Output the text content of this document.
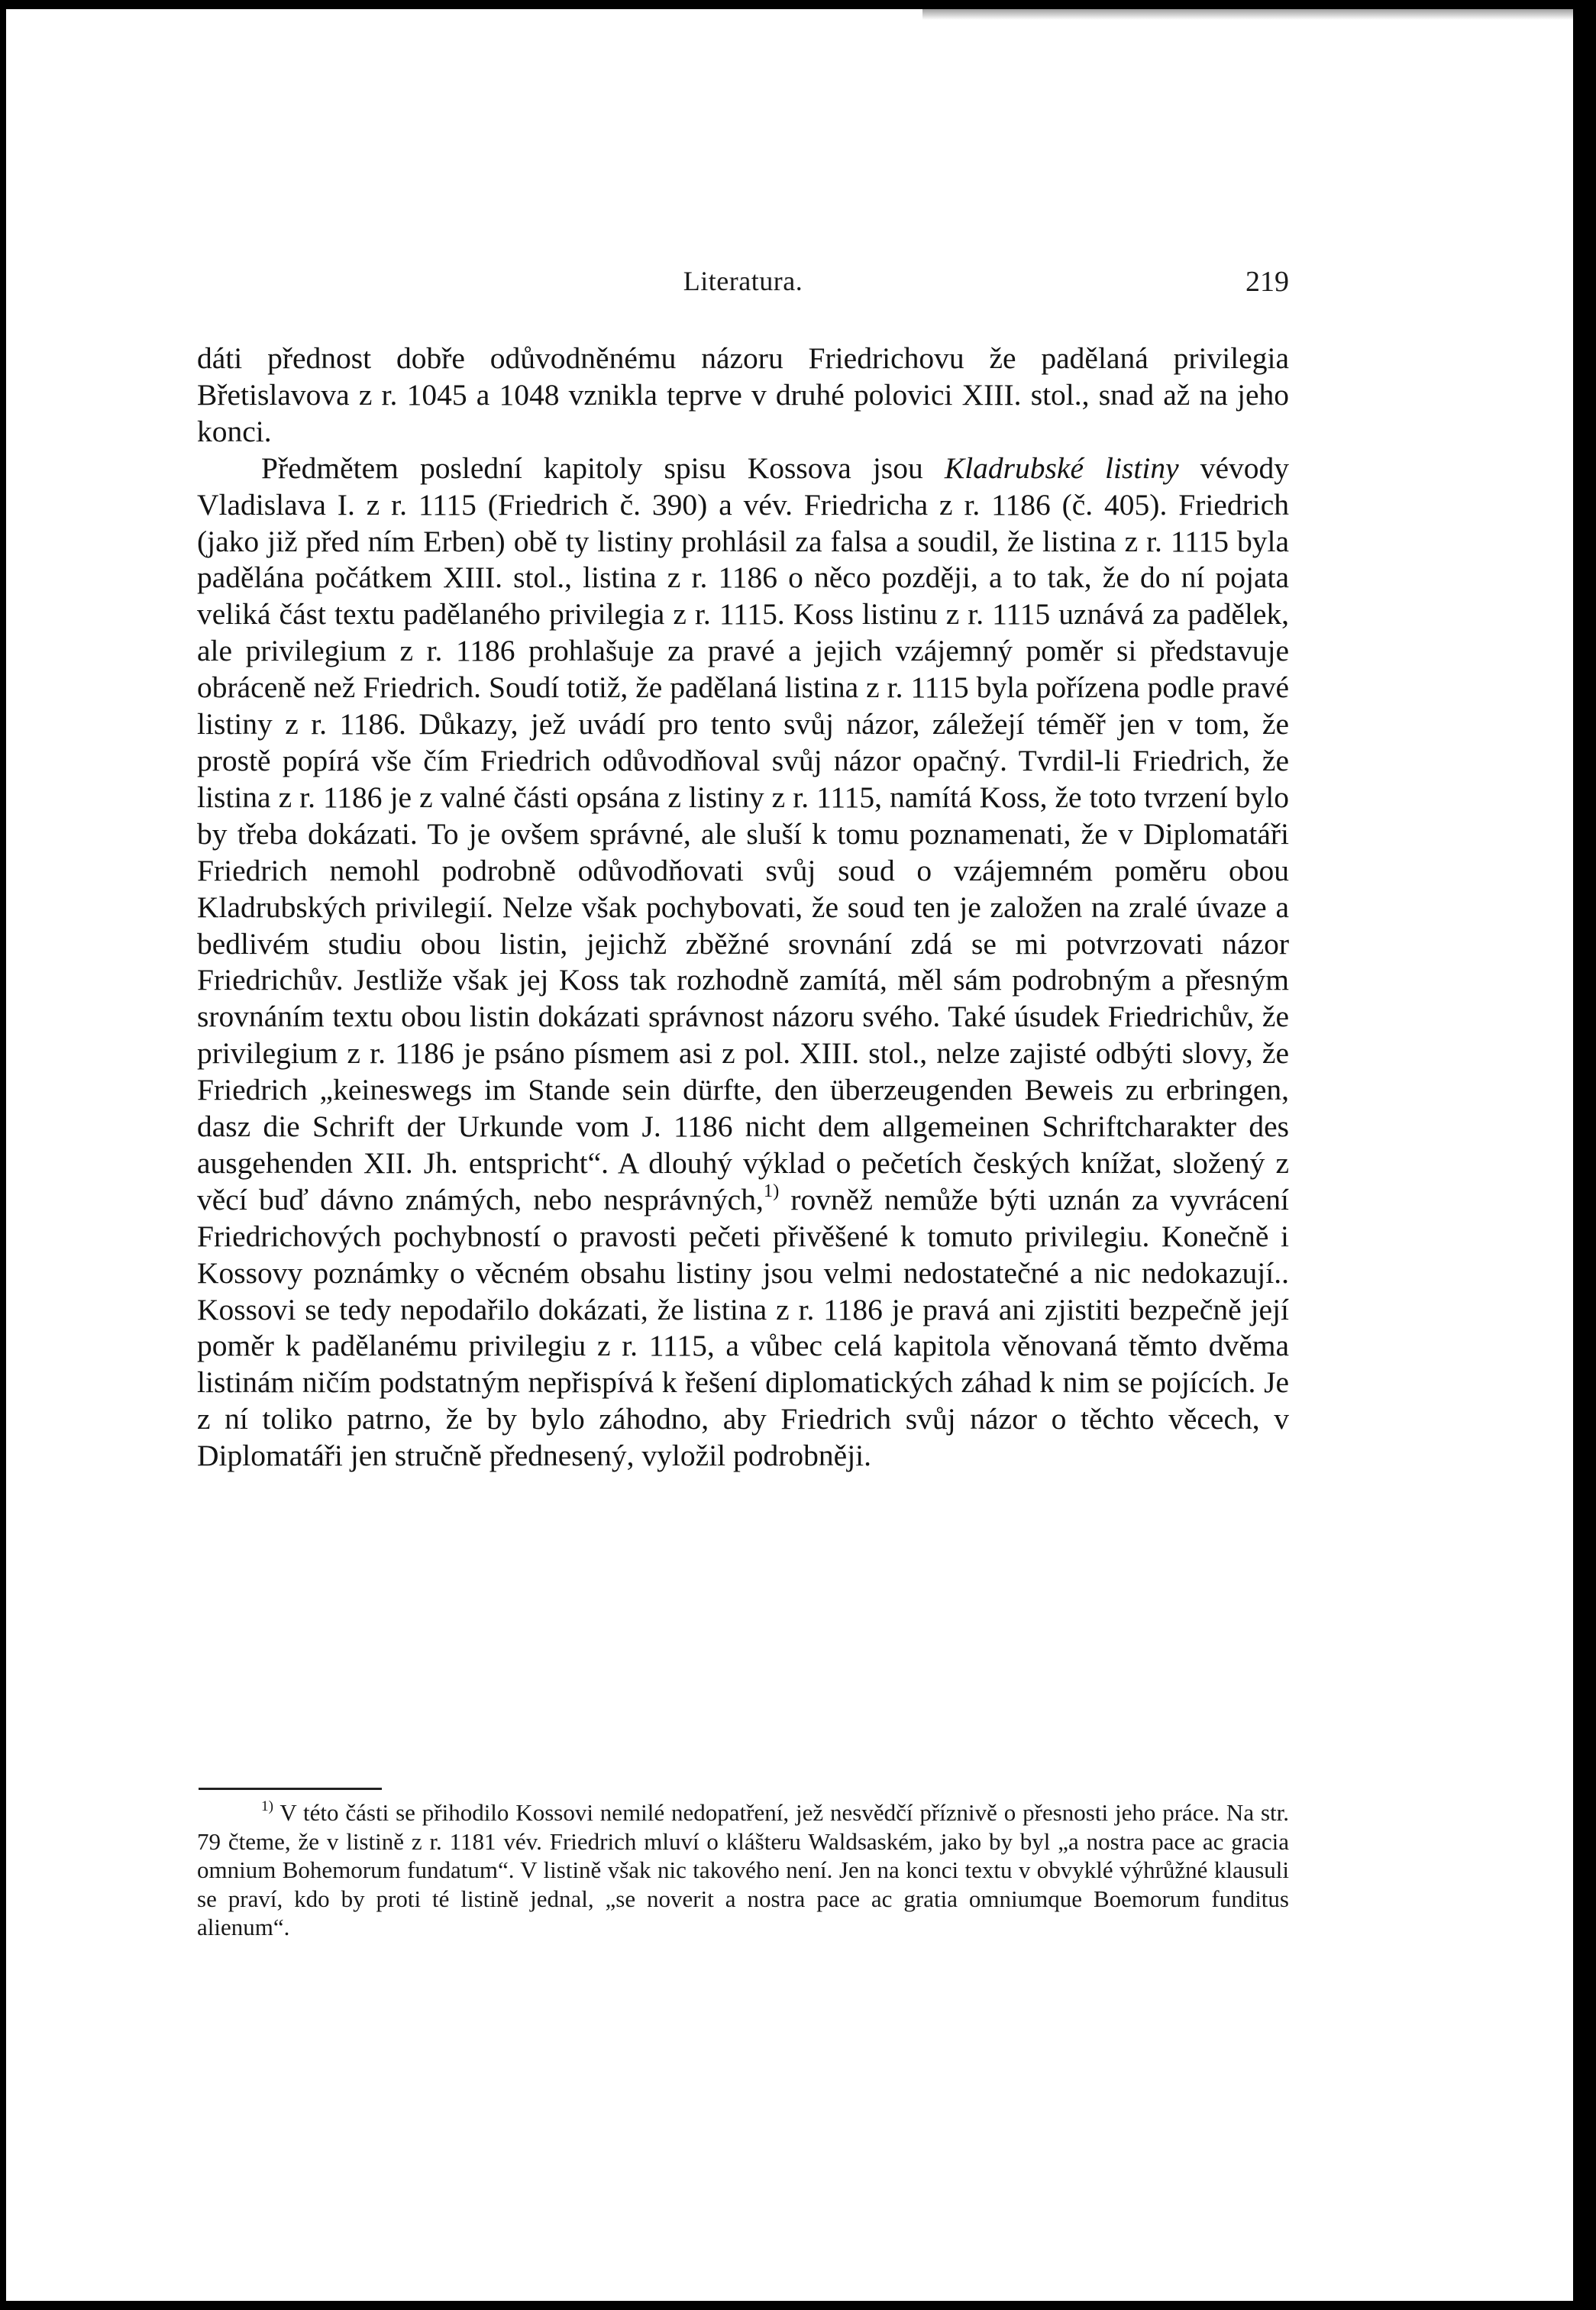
Literatura.	219

dáti přednost dobře odůvodněnému názoru Friedrichovu že padělaná privilegia Břetislavova z r. 1045 a 1048 vznikla teprve v druhé polovici XIII. stol., snad až na jeho konci.

Předmětem poslední kapitoly spisu Kossova jsou Kladrubské listiny vévody Vladislava I. z r. 1115 (Friedrich č. 390) a vév. Friedricha z r. 1186 (č. 405). Friedrich (jako již před ním Erben) obě ty listiny prohlásil za falsa a soudil, že listina z r. 1115 byla padělána počátkem XIII. stol., listina z r. 1186 o něco později, a to tak, že do ní pojata veliká část textu padělaného privilegia z r. 1115. Koss listinu z r. 1115 uznává za padělek, ale privilegium z r. 1186 prohlašuje za pravé a jejich vzájemný poměr si představuje obráceně než Friedrich. Soudí totiž, že padělaná listina z r. 1115 byla pořízena podle pravé listiny z r. 1186. Důkazy, jež uvádí pro tento svůj názor, záležejí téměř jen v tom, že prostě popírá vše čím Friedrich odůvodňoval svůj názor opačný. Tvrdil-li Friedrich, že listina z r. 1186 je z valné části opsána z listiny z r. 1115, namítá Koss, že toto tvrzení bylo by třeba dokázati. To je ovšem správné, ale sluší k tomu poznamenati, že v Diplomatáři Friedrich nemohl podrobně odůvodňovati svůj soud o vzájemném poměru obou Kladrubských privilegií. Nelze však pochybovati, že soud ten je založen na zralé úvaze a bedlivém studiu obou listin, jejichž zběžné srovnání zdá se mi potvrzovati názor Friedrichův. Jestliže však jej Koss tak rozhodně zamítá, měl sám podrobným a přesným srovnáním textu obou listin dokázati správnost názoru svého. Také úsudek Friedrichův, že privilegium z r. 1186 je psáno písmem asi z pol. XIII. stol., nelze zajisté odbýti slovy, že Friedrich „keineswegs im Stande sein dürfte, den überzeugenden Beweis zu erbringen, dasz die Schrift der Urkunde vom J. 1186 nicht dem allgemeinen Schriftcharakter des ausgehenden XII. Jh. entspricht“. A dlouhý výklad o pečetích českých knížat, složený z věcí buď dávno známých, nebo nesprávných,$^{1)}$ rovněž nemůže býti uznán za vyvrácení Friedrichových pochybností o pravosti pečeti přivěšené k tomuto privilegiu. Konečně i Kossovy poznámky o věcném obsahu listiny jsou velmi nedostatečné a nic nedokazují.. Kossovi se tedy nepodařilo dokázati, že listina z r. 1186 je pravá ani zjistiti bezpečně její poměr k padělanému privilegiu z r. 1115, a vůbec celá kapitola věnovaná těmto dvěma listinám ničím podstatným nepřispívá k řešení diplomatických záhad k nim se pojících. Je z ní toliko patrno, že by bylo záhodno, aby Friedrich svůj názor o těchto věcech, v Diplomatáři jen stručně přednesený, vyložil podrobněji.

$^{1)}$ V této části se přihodilo Kossovi nemilé nedopatření, jež nesvědčí příznivě o přesnosti jeho práce. Na str. 79 čteme, že v listině z r. 1181 vév. Friedrich mluví o klášteru Waldsaském, jako by byl „a nostra pace ac gracia omnium Bohemorum fundatum“. V listině však nic takového není. Jen na konci textu v obvyklé výhrůžné klausuli se praví, kdo by proti té listině jednal, „se noverit a nostra pace ac gratia omniumque Boemorum funditus alienum“.
